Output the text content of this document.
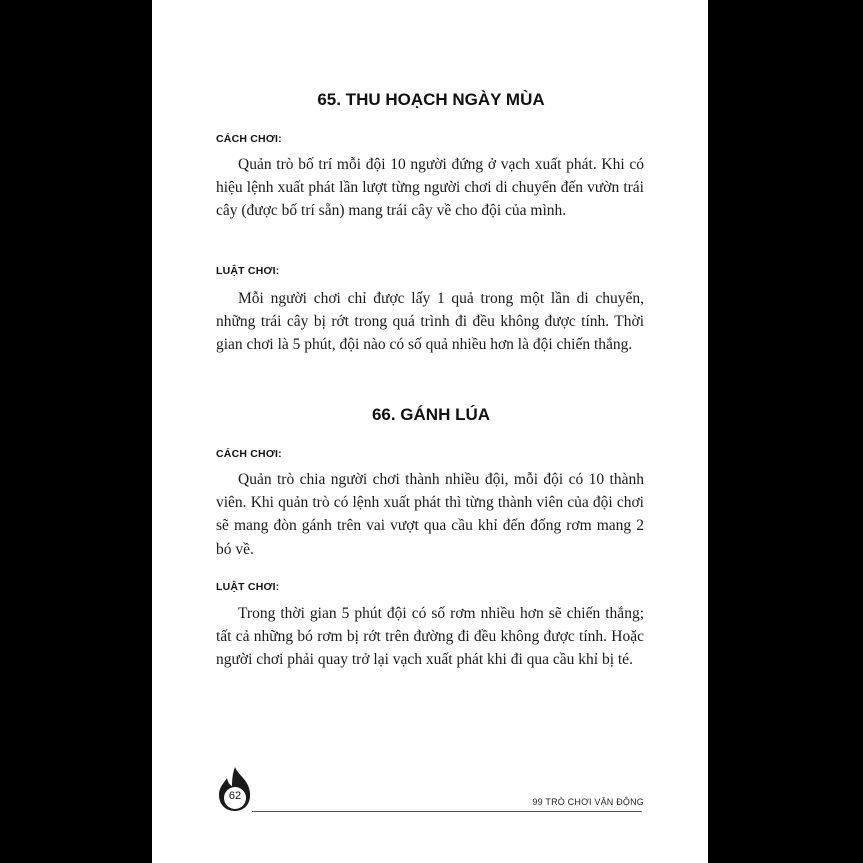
65. THU HOẠCH NGÀY MÙA

CÁCH CHƠI:

Quản trò bố trí mỗi đội 10 người đứng ở vạch xuất phát. Khi có hiệu lệnh xuất phát lần lượt từng người chơi di chuyển đến vườn trái cây (được bố trí sẵn) mang trái cây về cho đội của mình.

LUẬT CHƠI:

Mỗi người chơi chỉ được lấy 1 quả trong một lần di chuyển, những trái cây bị rớt trong quá trình đi đều không được tính. Thời gian chơi là 5 phút, đội nào có số quả nhiều hơn là đội chiến thắng.

66. GÁNH LÚA

CÁCH CHƠI:

Quản trò chia người chơi thành nhiều đội, mỗi đội có 10 thành viên. Khi quản trò có lệnh xuất phát thì từng thành viên của đội chơi sẽ mang đòn gánh trên vai vượt qua cầu khỉ đến đống rơm mang 2 bó về.

LUẬT CHƠI:

Trong thời gian 5 phút đội có số rơm nhiều hơn sẽ chiến thắng; tất cả những bó rơm bị rớt trên đường đi đều không được tính. Hoặc người chơi phải quay trở lại vạch xuất phát khi đi qua cầu khỉ bị té.

62	99 TRÒ CHƠI VẬN ĐỘNG
